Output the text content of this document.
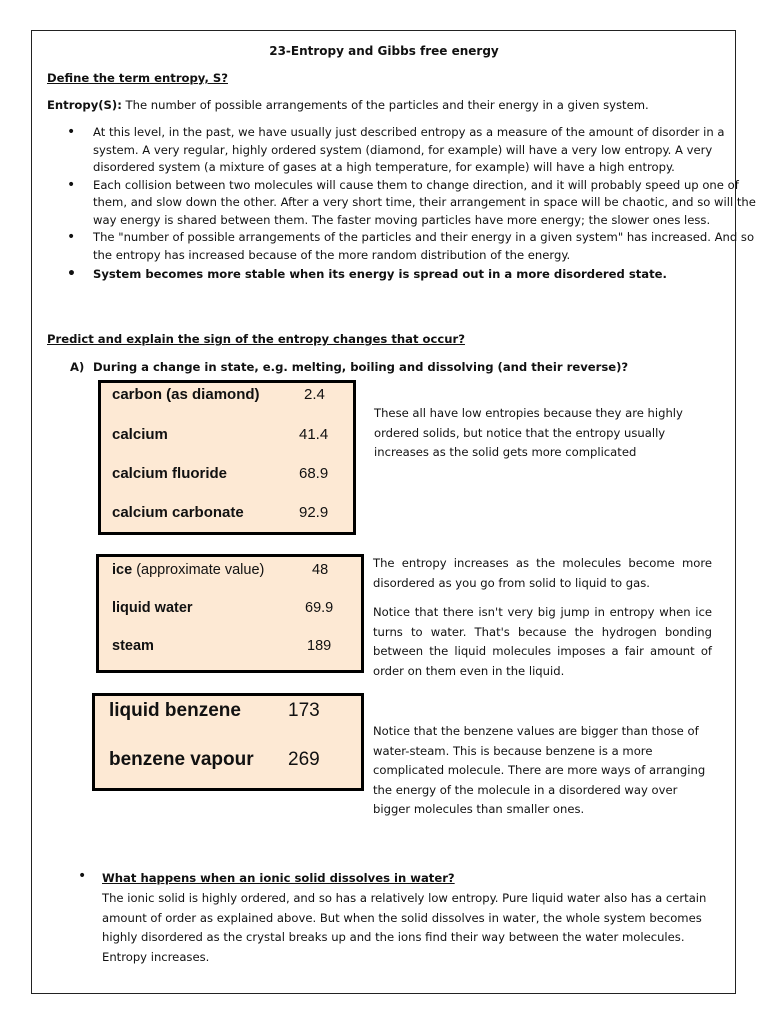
23-Entropy and Gibbs free energy
Define the term entropy, S?
Entropy(S): The number of possible arrangements of the particles and their energy in a given system.
• At this level, in the past, we have usually just described entropy as a measure of the amount of disorder in a system. A very regular, highly ordered system (diamond, for example) will have a very low entropy. A very disordered system (a mixture of gases at a high temperature, for example) will have a high entropy.
• Each collision between two molecules will cause them to change direction, and it will probably speed up one of them, and slow down the other. After a very short time, their arrangement in space will be chaotic, and so will the way energy is shared between them. The faster moving particles have more energy; the slower ones less.
• The "number of possible arrangements of the particles and their energy in a given system" has increased. And so the entropy has increased because of the more random distribution of the energy.
• System becomes more stable when its energy is spread out in a more disordered state.
Predict and explain the sign of the entropy changes that occur?
A) During a change in state, e.g. melting, boiling and dissolving (and their reverse)?
carbon (as diamond)	2.4
calcium	41.4
calcium fluoride	68.9
calcium carbonate	92.9
These all have low entropies because they are highly ordered solids, but notice that the entropy usually increases as the solid gets more complicated
ice (approximate value)	48
liquid water	69.9
steam	189
The entropy increases as the molecules become more disordered as you go from solid to liquid to gas.
Notice that there isn't very big jump in entropy when ice turns to water. That's because the hydrogen bonding between the liquid molecules imposes a fair amount of order on them even in the liquid.
liquid benzene 173
benzene vapour 269
Notice that the benzene values are bigger than those of water-steam. This is because benzene is a more complicated molecule. There are more ways of arranging the energy of the molecule in a disordered way over bigger molecules than smaller ones.
• What happens when an ionic solid dissolves in water?
The ionic solid is highly ordered, and so has a relatively low entropy. Pure liquid water also has a certain amount of order as explained above. But when the solid dissolves in water, the whole system becomes highly disordered as the crystal breaks up and the ions find their way between the water molecules. Entropy increases.
